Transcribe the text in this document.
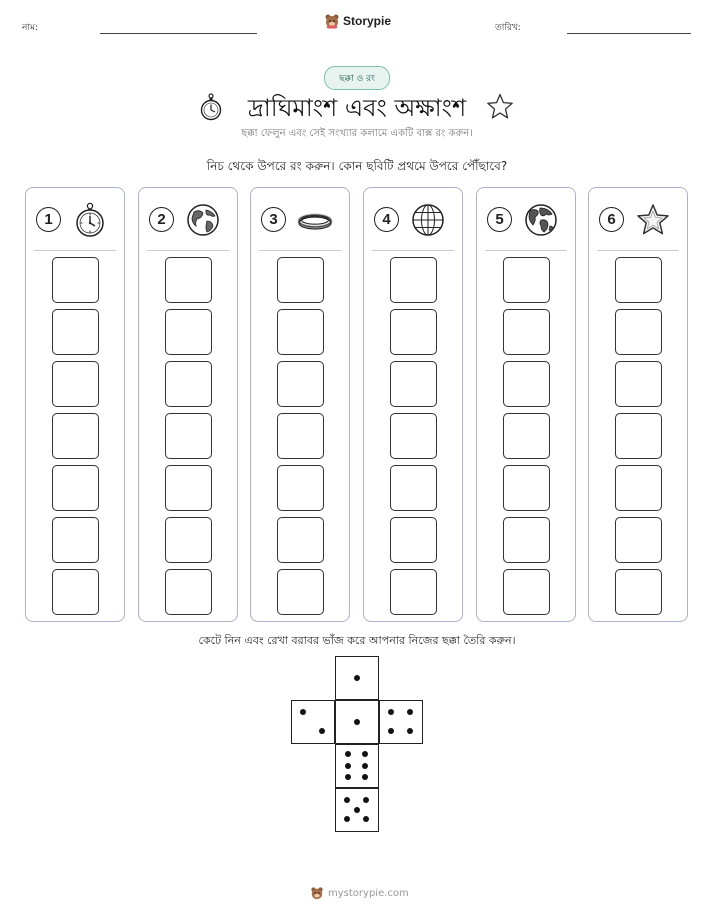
নাম:	Storypie	তারিখ:
ছক্কা ও রং
দ্রাঘিমাংশ এবং অক্ষাংশ
ছক্কা ফেলুন এবং সেই সংখ্যার কলামে একটি বাক্স রং করুন।
নিচ থেকে উপরে রং করুন। কোন ছবিটি প্রথমে উপরে পৌঁছাবে?
1	2	3	4	5	6
কেটে নিন এবং রেখা বরাবর ভাঁজ করে আপনার নিজের ছক্কা তৈরি করুন।
mystorypie.com
